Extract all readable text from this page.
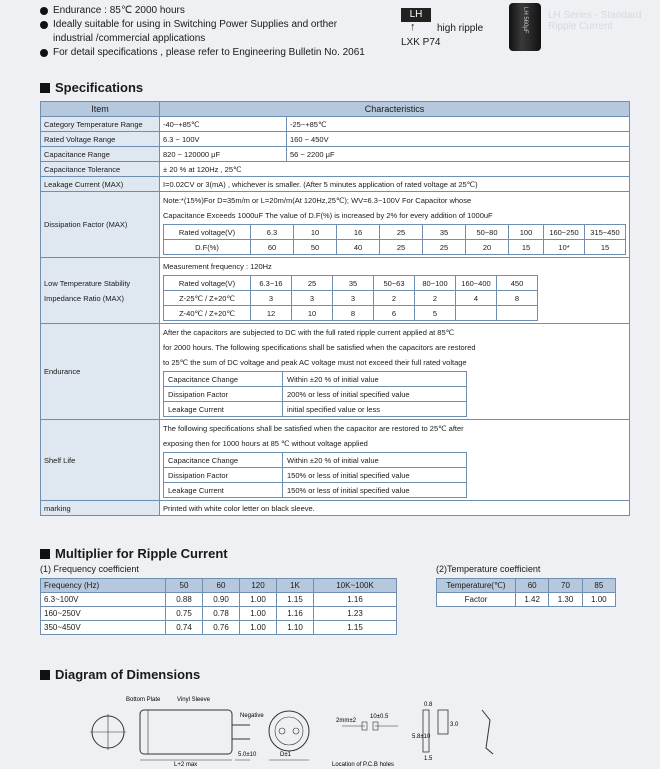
Endurance : 85℃ 2000 hours
Ideally suitable for using in Switching Power Supplies and orther
industrial /commercial applications
For detail specifications , please refer to Engineering Bulletin No. 2061
LH
↑ high ripple
LXK P74
LH 560μF LH Series - Standard Ripple Current
Specifications
Item	Characteristics
Category Temperature Range	-40~+85℃	-25~+85℃
Rated Voltage Range	6.3 ~ 100V	160 ~ 450V
Capacitance Range	820 ~ 120000 μF	56 ~ 2200 μF
Capacitance Tolerance	± 20 % at 120Hz , 25℃
Leakage Current (MAX)	I=0.02CV or 3(mA) , whichever is smaller. (After 5 minutes application of rated voltage at 25℃)
Dissipation Factor (MAX)	
Note:*(15%)For D=35m/m or L=20m/m(At 120Hz,25℃); WV=6.3~100V For Capacitor whose
Capacitance Exceeds 1000uF The value of D.F(%) is increased by 2% for every addition of 1000uF
Rated voltage(V)	6.3	10	16	25	35	50~80	100	160~250	315~450
D.F(%)	60	50	40	25	25	20	15	10*	15

Low Temperature Stability
Impedance Ratio (MAX)

Measurement frequency : 120Hz
Rated voltage(V)	6.3~16	25	35	50~63	80~100	160~400	450
Z-25℃ / Z+20℃	3	3	3	2	2	4	8
Z-40℃ / Z+20℃	12	10	8	6	5		

Endurance	
After the capacitors are subjected to DC with the full rated ripple current applied at 85℃
for 2000 hours. The following specifications shall be satisfied when the capacitors are restored
to 25℃ the sum of DC voltage and peak AC voltage must not exceed their full rated voltage
Capacitance Change	Within ±20 % of initial value
Dissipation Factor	200% or less of initial specified value
Leakage Current	initial specified value or less

Shelf Life	
The following specifications shall be satisfied when the capacitor are restored to 25℃ after
exposing then for 1000 hours at 85 ℃ without voltage applied
Capacitance Change	Within ±20 % of initial value
Dissipation Factor	150% or less of initial specified value
Leakage Current	150% or less of initial specified value

marking	Printed with white color letter on black sleeve.
Multiplier for Ripple Current
(1) Frequency coefficient
Frequency (Hz)	50	60	120	1K	10K~100K
6.3~100V	0.88	0.90	1.00	1.15	1.16
160~250V	0.75	0.78	1.00	1.16	1.23
350~450V	0.74	0.76	1.00	1.10	1.15
(2)Temperature coefficient
Temperature(℃)	60	70	85
Factor	1.42	1.30	1.00
Diagram of Dimensions
Bottom Plate	Vinyl Sleeve
Negative
L+2 max
5.0±10	D±1
2mm±2
10±0.5
Location of P.C.B holes
5.8±10
0.8
1.5
3.0
